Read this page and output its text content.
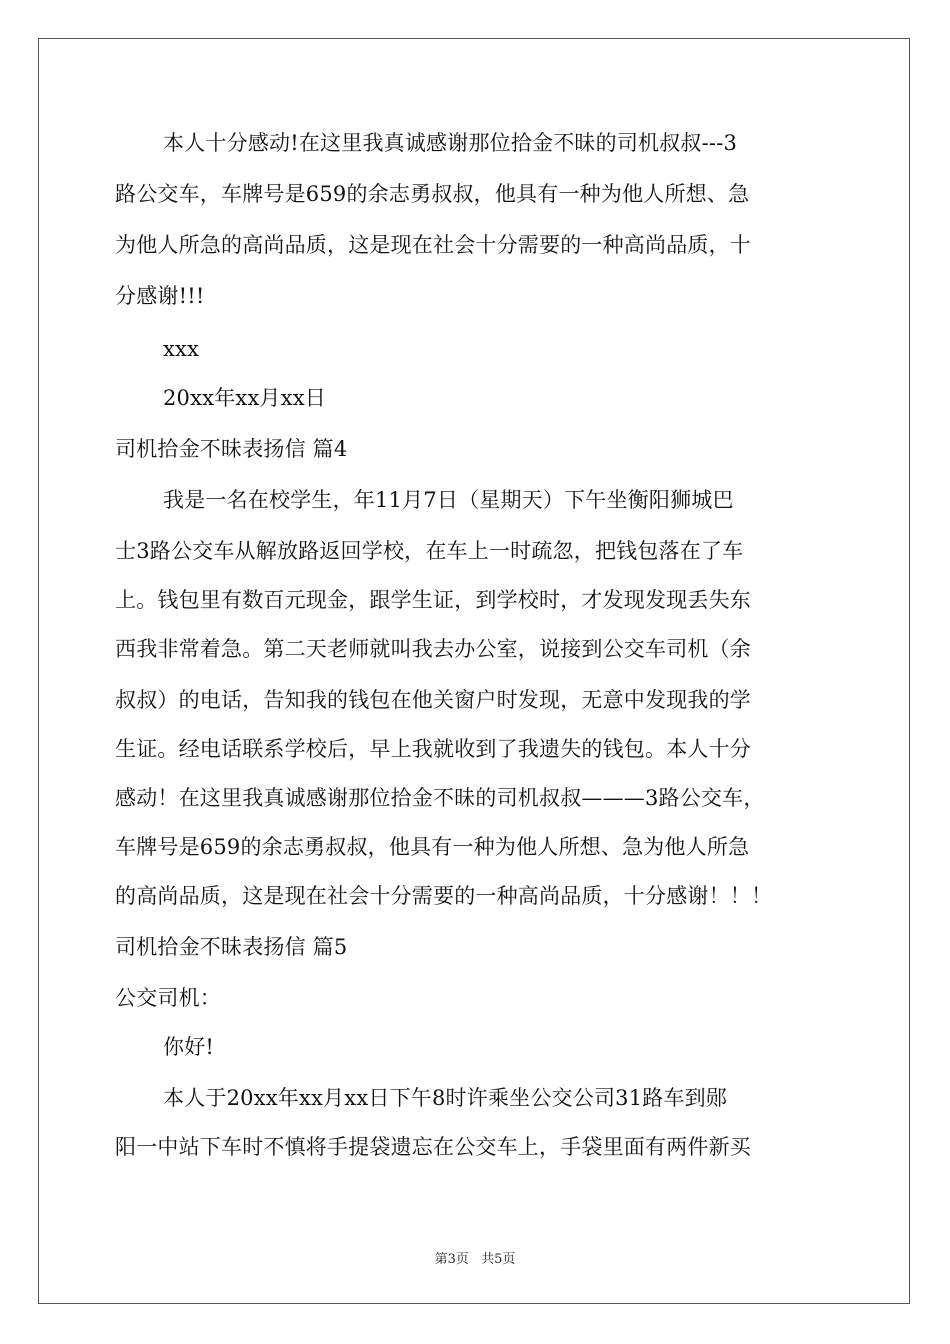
本人十分感动!在这里我真诚感谢那位拾金不昧的司机叔叔---3
路公交车，车牌号是659的余志勇叔叔，他具有一种为他人所想、急
为他人所急的高尚品质，这是现在社会十分需要的一种高尚品质，十
分感谢!!!
xxx
20xx年xx月xx日
司机拾金不昧表扬信 篇4
我是一名在校学生，年11月7日（星期天）下午坐衡阳狮城巴
士3路公交车从解放路返回学校，在车上一时疏忽，把钱包落在了车
上。钱包里有数百元现金，跟学生证，到学校时，才发现发现丢失东
西我非常着急。第二天老师就叫我去办公室，说接到公交车司机（余
叔叔）的电话，告知我的钱包在他关窗户时发现，无意中发现我的学
生证。经电话联系学校后，早上我就收到了我遗失的钱包。本人十分
感动！在这里我真诚感谢那位拾金不昧的司机叔叔———3路公交车，
车牌号是659的余志勇叔叔，他具有一种为他人所想、急为他人所急
的高尚品质，这是现在社会十分需要的一种高尚品质，十分感谢！！！
司机拾金不昧表扬信 篇5
公交司机：
你好!
本人于20xx年xx月xx日下午8时许乘坐公交公司31路车到郧
阳一中站下车时不慎将手提袋遗忘在公交车上，手袋里面有两件新买
第3页 共5页
